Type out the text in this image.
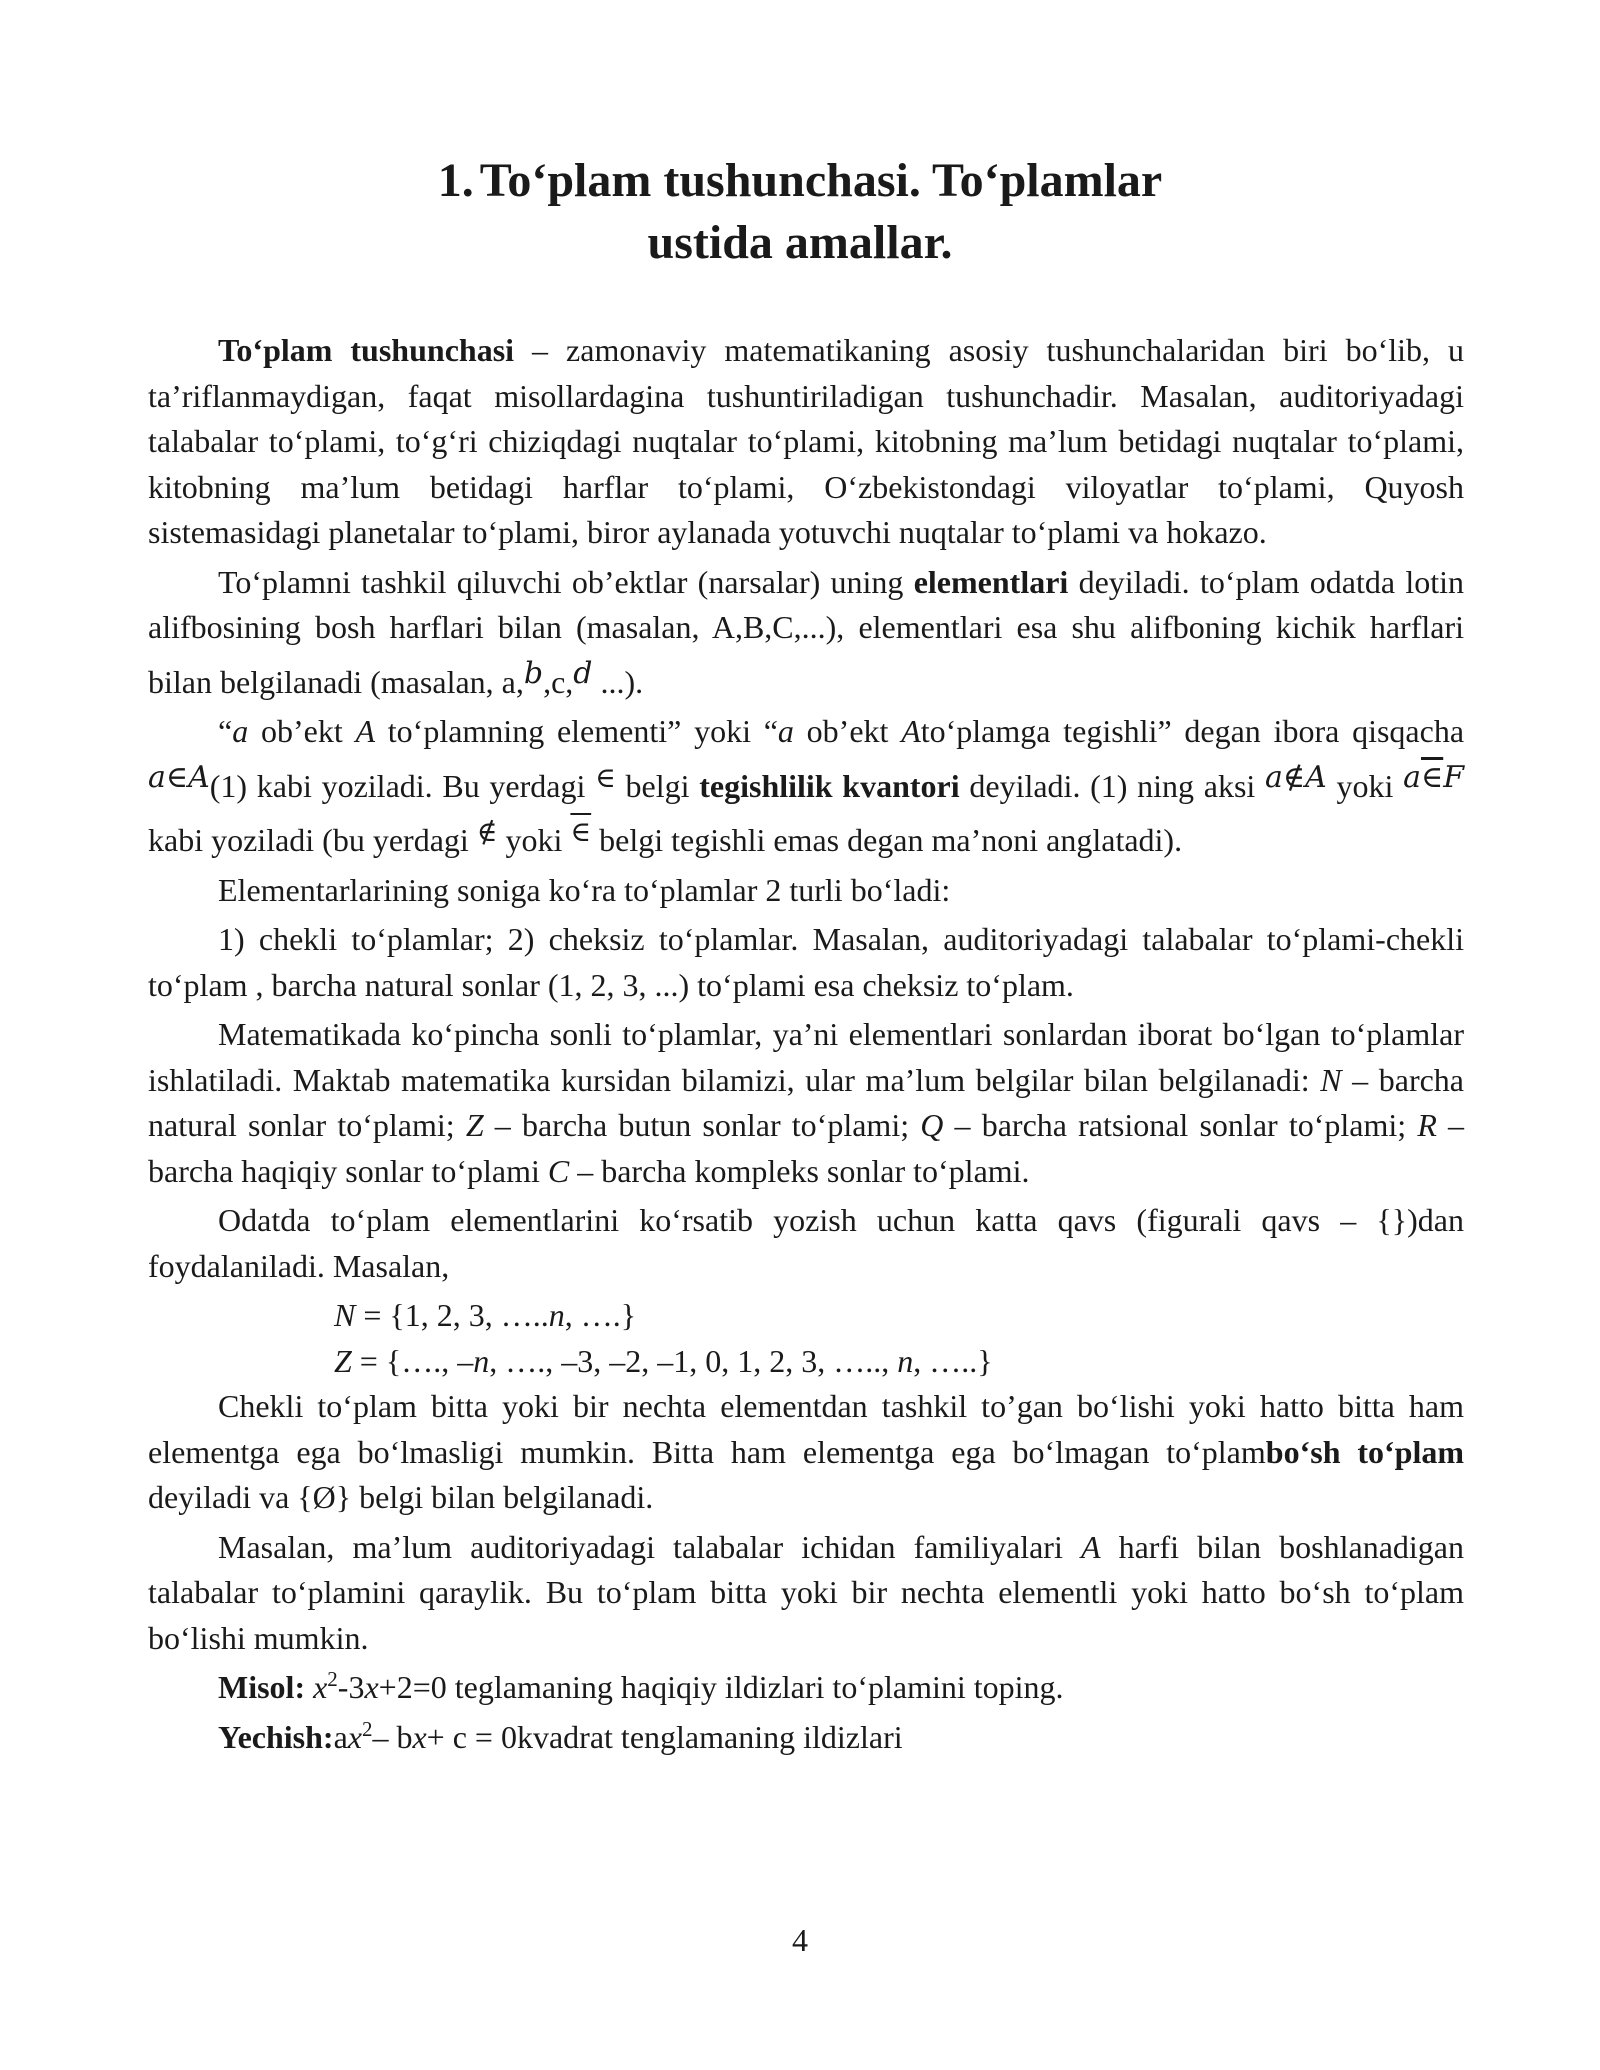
1. To‘plam tushunchasi. To‘plamlar
ustida amallar.

To‘plam tushunchasi – zamonaviy matematikaning asosiy tushunchalaridan biri bo‘lib, u ta’riflanmaydigan, faqat misollardagina tushuntiriladigan tushunchadir. Masalan, auditoriyadagi talabalar to‘plami, to‘g‘ri chiziqdagi nuqtalar to‘plami, kitobning ma’lum betidagi nuqtalar to‘plami, kitobning ma’lum betidagi harflar to‘plami, O‘zbekistondagi viloyatlar to‘plami, Quyosh sistemasidagi planetalar to‘plami, biror aylanada yotuvchi nuqtalar to‘plami va hokazo.

To‘plamni tashkil qiluvchi ob’ektlar (narsalar) uning elementlari deyiladi. to‘plam odatda lotin alifbosining bosh harflari bilan (masalan, A,B,C,...), elementlari esa shu alifboning kichik harflari bilan belgilanadi (masalan, a,b,c,d ...).

“a ob’ekt A to‘plamning elementi” yoki “a ob’ekt Ato‘plamga tegishli” degan ibora qisqacha a∈A(1) kabi yoziladi. Bu yerdagi ∈ belgi tegishlilik kvantori deyiladi. (1) ning aksi a∉A yoki a∈F kabi yoziladi (bu yerdagi ∉ yoki ∈ belgi tegishli emas degan ma’noni anglatadi).

Elementarlarining soniga ko‘ra to‘plamlar 2 turli bo‘ladi:

1) chekli to‘plamlar; 2) cheksiz to‘plamlar. Masalan, auditoriyadagi talabalar to‘plami-chekli to‘plam , barcha natural sonlar (1, 2, 3, ...) to‘plami esa cheksiz to‘plam.

Matematikada ko‘pincha sonli to‘plamlar, ya’ni elementlari sonlardan iborat bo‘lgan to‘plamlar ishlatiladi. Maktab matematika kursidan bilamizi, ular ma’lum belgilar bilan belgilanadi: N – barcha natural sonlar to‘plami; Z – barcha butun sonlar to‘plami; Q – barcha ratsional sonlar to‘plami; R – barcha haqiqiy sonlar to‘plami C – barcha kompleks sonlar to‘plami.

Odatda to‘plam elementlarini ko‘rsatib yozish uchun katta qavs (figurali qavs – {})dan foydalaniladi. Masalan,

N = {1, 2, 3, …..n, ….}

Z = {…., –n, …., –3, –2, –1, 0, 1, 2, 3, ….., n, …..}

Chekli to‘plam bitta yoki bir nechta elementdan tashkil to’gan bo‘lishi yoki hatto bitta ham elementga ega bo‘lmasligi mumkin. Bitta ham elementga ega bo‘lmagan to‘plambo‘sh to‘plam deyiladi va {Ø} belgi bilan belgilanadi.

Masalan, ma’lum auditoriyadagi talabalar ichidan familiyalari A harfi bilan boshlanadigan talabalar to‘plamini qaraylik. Bu to‘plam bitta yoki bir nechta elementli yoki hatto bo‘sh to‘plam bo‘lishi mumkin.

Misol: $x^2-3x+2=0$ teglamaning haqiqiy ildizlari to‘plamini toping.

$Yechish:ax^2-$ bx+ c = 0kvadrat tenglamaning ildizlari

4
